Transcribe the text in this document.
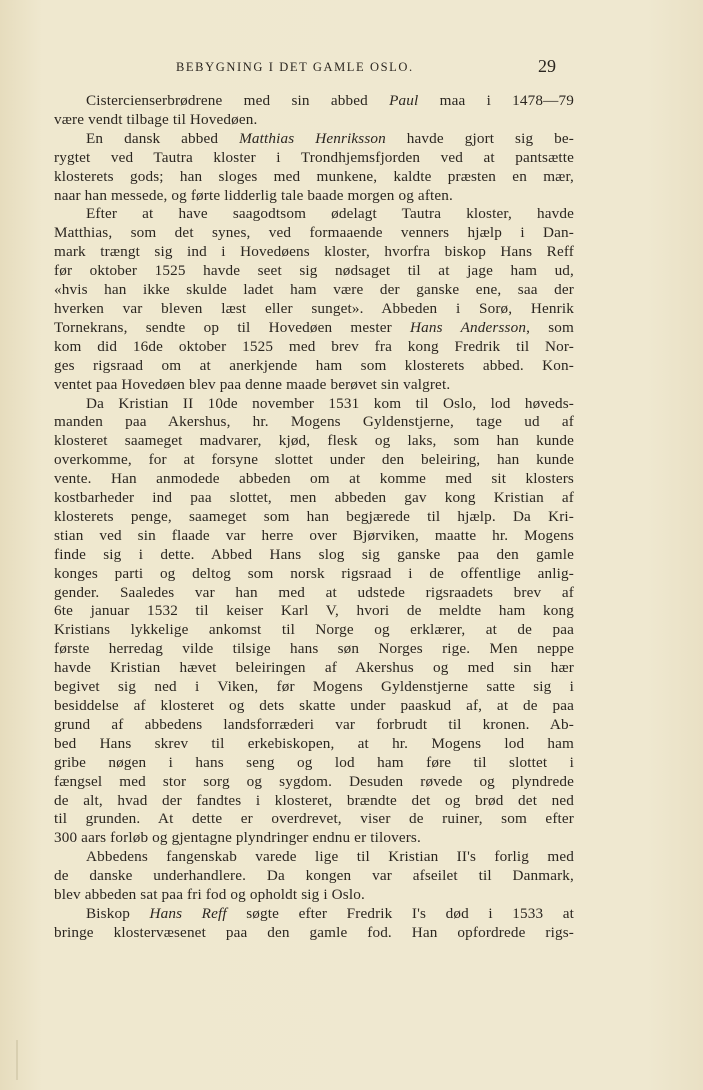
BEBYGNING I DET GAMLE OSLO.	29
Cistercienserbrødrene med sin abbed Paul maa i 1478—79
være vendt tilbage til Hovedøen.
En dansk abbed Matthias Henriksson havde gjort sig be-
rygtet ved Tautra kloster i Trondhjemsfjorden ved at pantsætte
klosterets gods; han sloges med munkene, kaldte præsten en mær,
naar han messede, og førte lidderlig tale baade morgen og aften.
Efter at have saagodtsom ødelagt Tautra kloster, havde
Matthias, som det synes, ved formaaende venners hjælp i Dan-
mark trængt sig ind i Hovedøens kloster, hvorfra biskop Hans Reff
før oktober 1525 havde seet sig nødsaget til at jage ham ud,
«hvis han ikke skulde ladet ham være der ganske ene, saa der
hverken var bleven læst eller sunget». Abbeden i Sorø, Henrik
Tornekrans, sendte op til Hovedøen mester Hans Andersson, som
kom did 16de oktober 1525 med brev fra kong Fredrik til Nor-
ges rigsraad om at anerkjende ham som klosterets abbed. Kon-
ventet paa Hovedøen blev paa denne maade berøvet sin valgret.
Da Kristian II 10de november 1531 kom til Oslo, lod høveds-
manden paa Akershus, hr. Mogens Gyldenstjerne, tage ud af
klosteret saameget madvarer, kjød, flesk og laks, som han kunde
overkomme, for at forsyne slottet under den beleiring, han kunde
vente. Han anmodede abbeden om at komme med sit klosters
kostbarheder ind paa slottet, men abbeden gav kong Kristian af
klosterets penge, saameget som han begjærede til hjælp. Da Kri-
stian ved sin flaade var herre over Bjørviken, maatte hr. Mogens
finde sig i dette. Abbed Hans slog sig ganske paa den gamle
konges parti og deltog som norsk rigsraad i de offentlige anlig-
gender. Saaledes var han med at udstede rigsraadets brev af
6te januar 1532 til keiser Karl V, hvori de meldte ham kong
Kristians lykkelige ankomst til Norge og erklærer, at de paa
første herredag vilde tilsige hans søn Norges rige. Men neppe
havde Kristian hævet beleiringen af Akershus og med sin hær
begivet sig ned i Viken, før Mogens Gyldenstjerne satte sig i
besiddelse af klosteret og dets skatte under paaskud af, at de paa
grund af abbedens landsforræderi var forbrudt til kronen. Ab-
bed Hans skrev til erkebiskopen, at hr. Mogens lod ham
gribe nøgen i hans seng og lod ham føre til slottet i
fængsel med stor sorg og sygdom. Desuden røvede og plyndrede
de alt, hvad der fandtes i klosteret, brændte det og brød det ned
til grunden. At dette er overdrevet, viser de ruiner, som efter
300 aars forløb og gjentagne plyndringer endnu er tilovers.
Abbedens fangenskab varede lige til Kristian II's forlig med
de danske underhandlere. Da kongen var afseilet til Danmark,
blev abbeden sat paa fri fod og opholdt sig i Oslo.
Biskop Hans Reff søgte efter Fredrik I's død i 1533 at
bringe klostervæsenet paa den gamle fod. Han opfordrede rigs-
